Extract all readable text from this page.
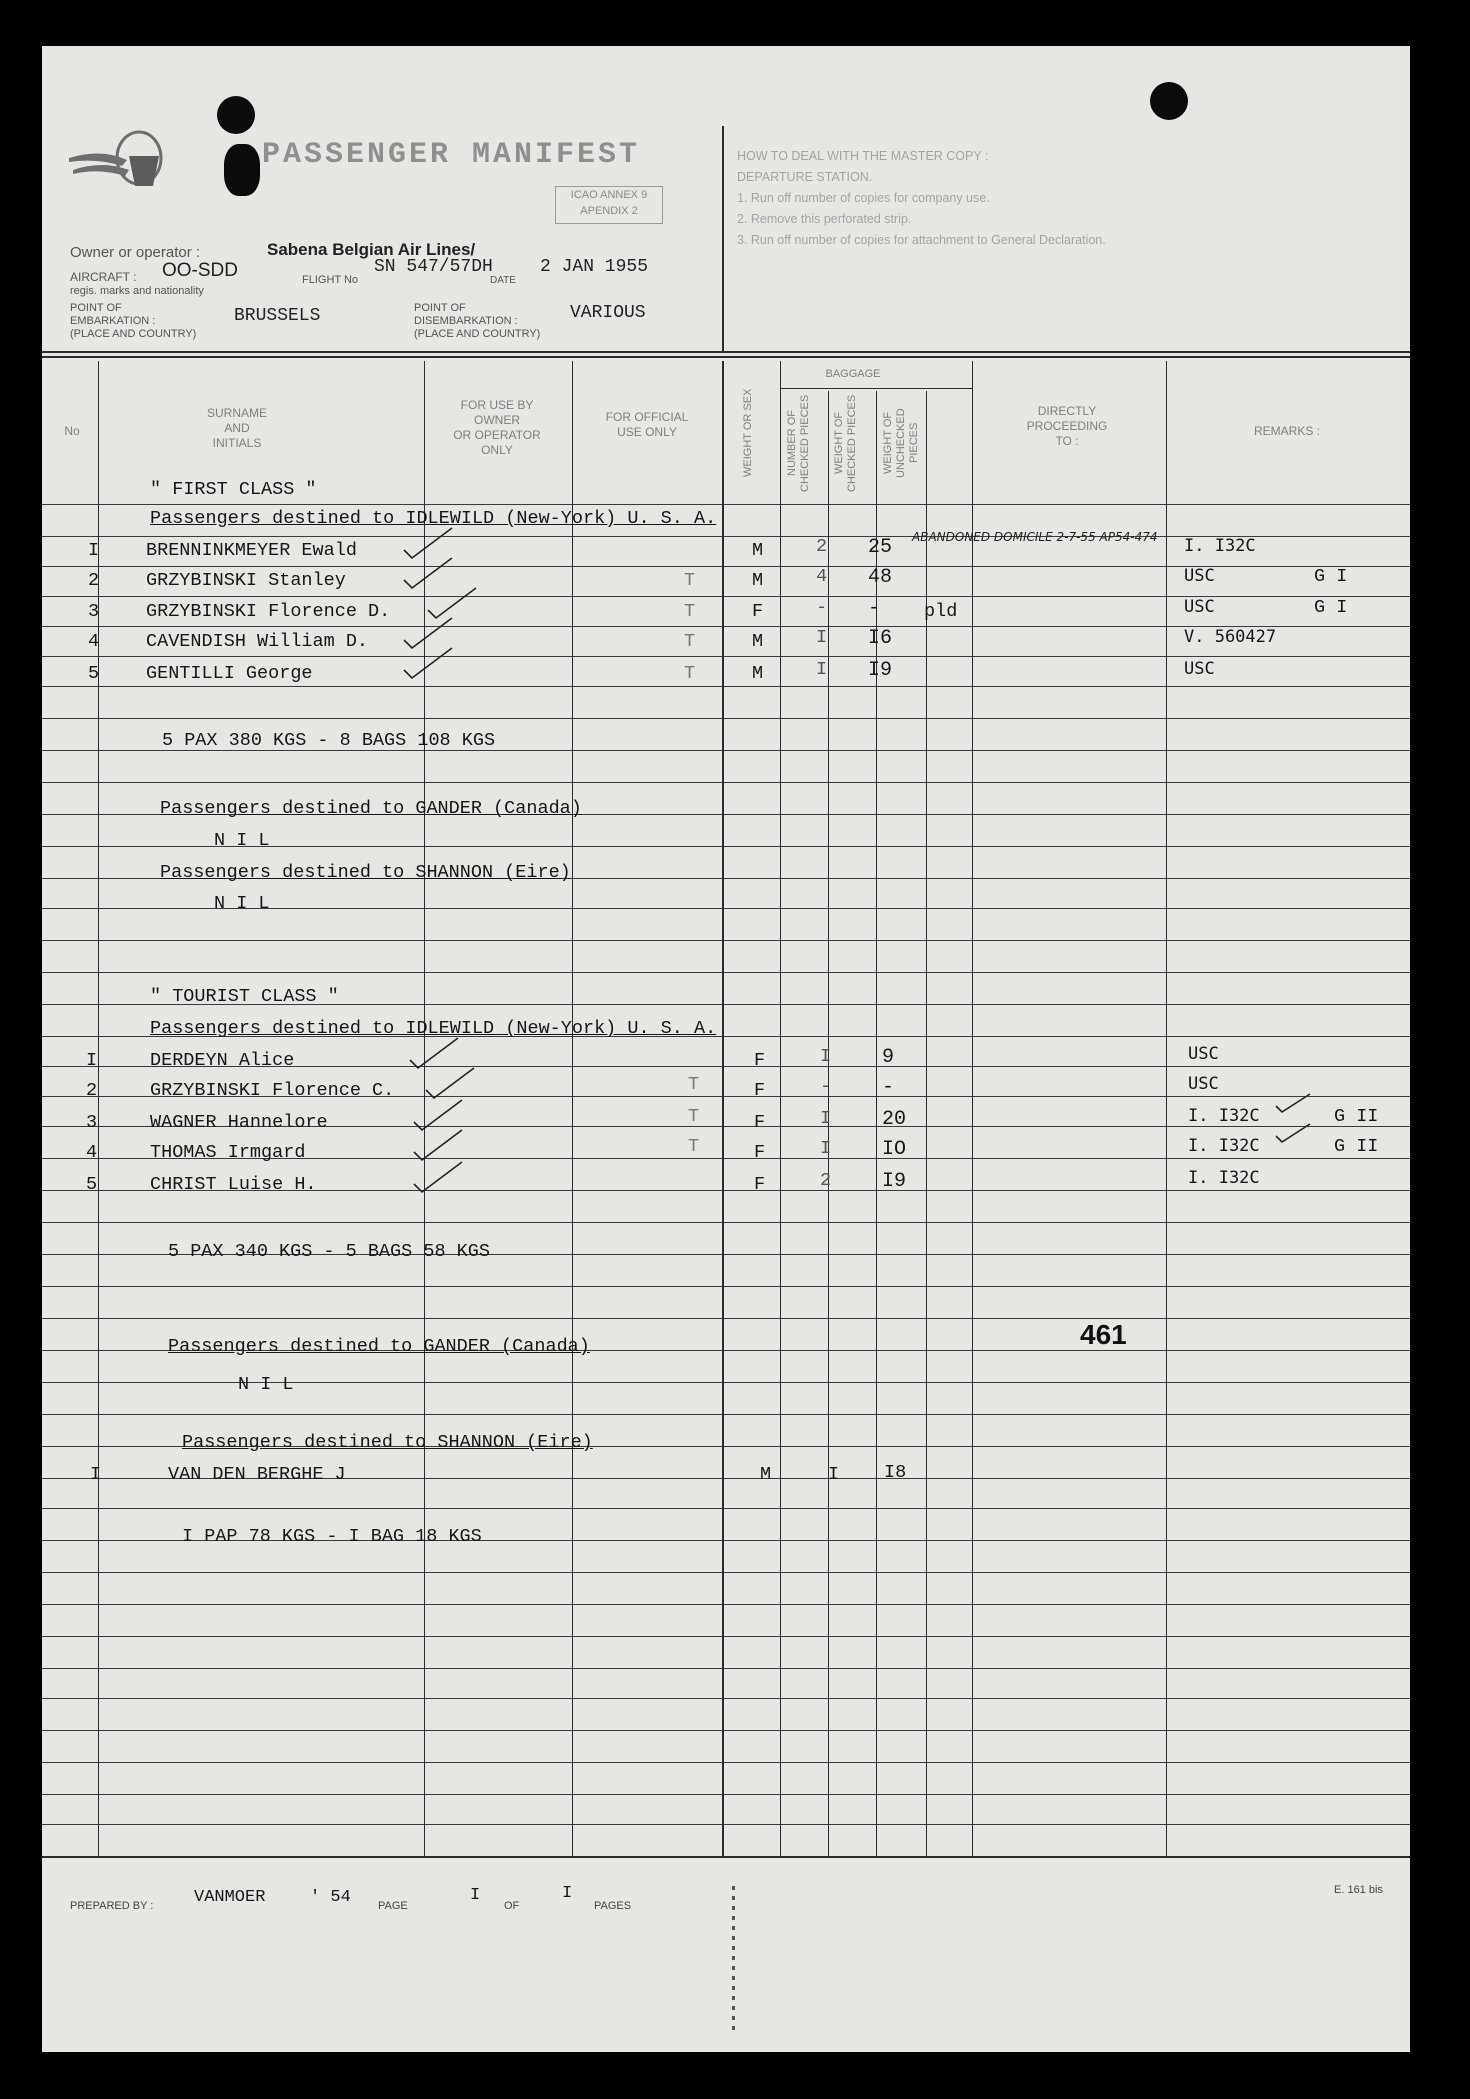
PASSENGER MANIFEST
ICAO ANNEX 9
APENDIX 2
HOW TO DEAL WITH THE MASTER COPY :
DEPARTURE STATION.
1. Run off number of copies for company use.
2. Remove this perforated strip.
3. Run off number of copies for attachment to General Declaration.
Owner or operator :	Sabena Belgian Air Lines/
AIRCRAFT : OO-SDD
regis. marks and nationality
FLIGHT No
SN 547/57DH
DATE
2 JAN 1955
POINT OF
EMBARKATION :
(PLACE AND COUNTRY)
BRUSSELS	POINT OF
DISEMBARKATION :
(PLACE AND COUNTRY)
VARIOUS
No
SURNAME
AND
INITIALS
FOR USE BY
OWNER
OR OPERATOR
ONLY
FOR OFFICIAL
USE ONLY	WEIGHT OR SEX
BAGGAGE
NUMBER OF CHECKED PIECES	WEIGHT OF CHECKED PIECES	WEIGHT OF UNCHECKED PIECES
DIRECTLY
PROCEEDING
TO :
REMARKS :
" FIRST CLASS "
Passengers destined to IDLEWILD (New-York) U. S. A.
I	BRENNINKMEYER Ewald	M	2 25	I. I32C
2	GRZYBINSKI Stanley	T	M	4 48	USC	G I
3	GRZYBINSKI Florence D.	T	F	- - pld	USC	G I
4	CAVENDISH William D.	T	M	I I6	V. 560427
5	GENTILLI George	T	M	I I9	USC
ABANDONED DOMICILE 2-7-55 AP54-474
5 PAX 380 KGS - 8 BAGS 108 KGS
Passengers destined to GANDER (Canada)
N I L
Passengers destined to SHANNON (Eire)
N I L
" TOURIST CLASS "
Passengers destined to IDLEWILD (New-York) U. S. A.
I	DERDEYN Alice	F	I	9	USC
2	GRZYBINSKI Florence C.	T	F	-	-	USC
3	WAGNER Hannelore	T	F	I	20	I. I32C	G II
4	THOMAS Irmgard	T	F	I	IO	I. I32C	G II
5	CHRIST Luise H.	F	2	I9	I. I32C
5 PAX 340 KGS - 5 BAGS 58 KGS
Passengers destined to GANDER (Canada)
N I L
Passengers destined to SHANNON (Eire)
I	VAN DEN BERGHE J	M	I I8
I PAP 78 KGS - I BAG 18 KGS
461
PREPARED BY : VANMOER	' 54 PAGE
I
OF
I
PAGES
E. 161 bis
